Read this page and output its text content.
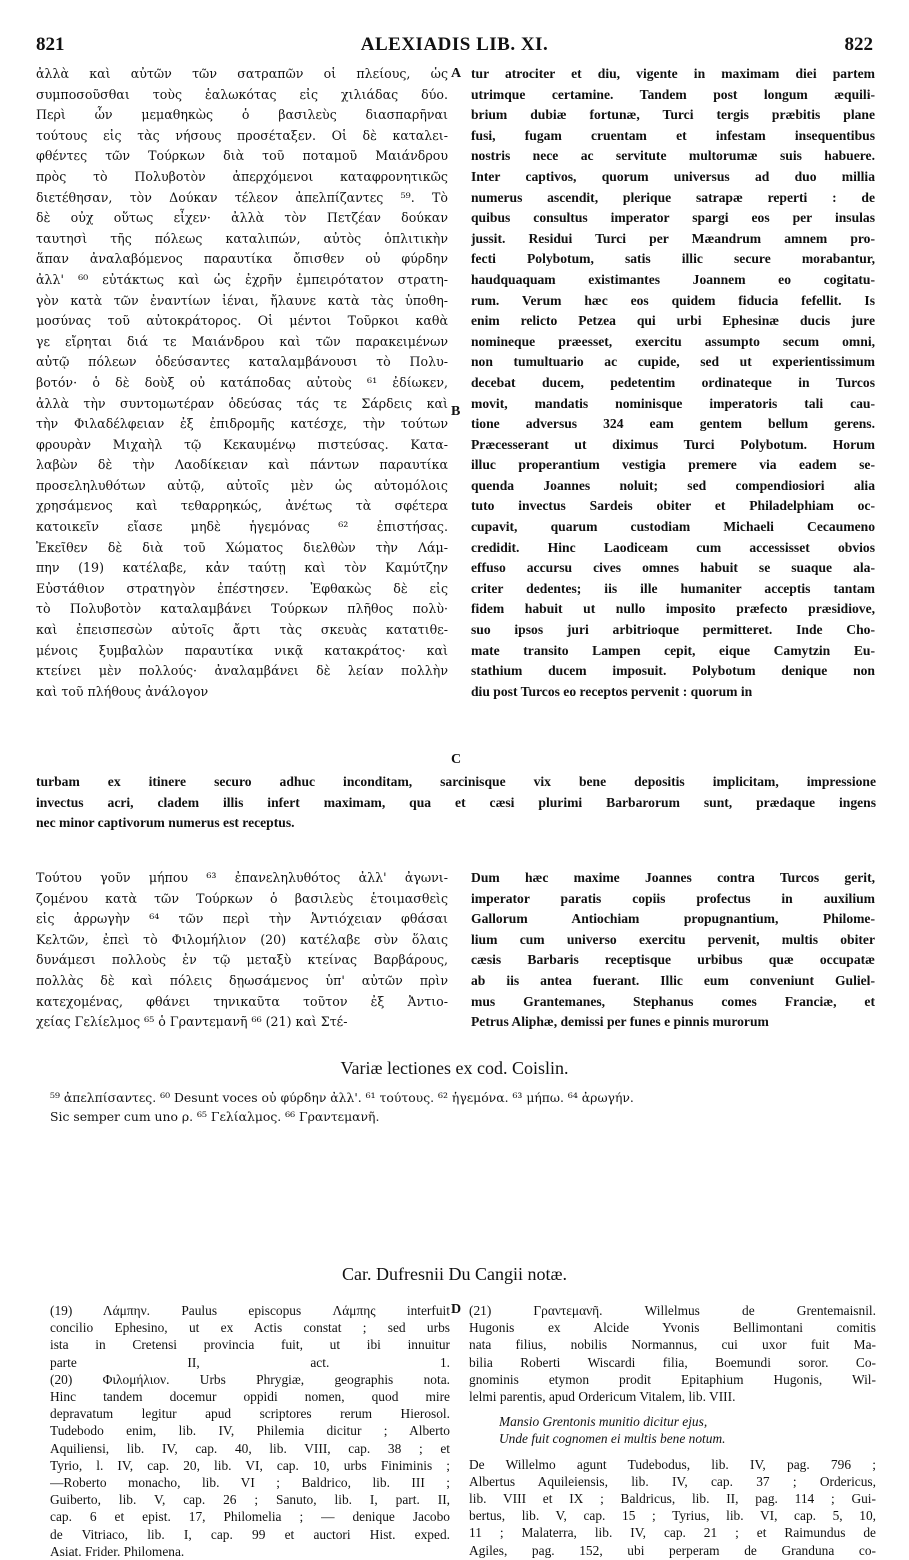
821	ALEXIADIS LIB. XI.	822
ἀλλὰ καὶ αὐτῶν τῶν σατραπῶν οἱ πλείους, ὡς
συμποσοῦσθαι τοὺς ἑαλωκότας εἰς χιλιάδας δύο.
Περὶ ὧν μεμαθηκὼς ὁ βασιλεὺς διασπαρῆναι
τούτους εἰς τὰς νήσους προσέταξεν. Οἱ δὲ καταλει-
φθέντες τῶν Τούρκων διὰ τοῦ ποταμοῦ Μαιάνδρου
πρὸς τὸ Πολυβοτὸν ἀπερχόμενοι καταφρονητικῶς
διετέθησαν, τὸν Δούκαν τέλεον ἀπελπίζαντες ⁵⁹. Τὸ
δὲ οὐχ οὕτως εἶχεν· ἀλλὰ τὸν Πετζέαν δούκαν
ταυτησὶ τῆς πόλεως καταλιπών, αὐτὸς ὁπλιτικὴν
ἅπαν ἀναλαβόμενος παραυτίκα ὄπισθεν οὐ φύρδην
ἀλλ' ⁶⁰ εὐτάκτως καὶ ὡς ἐχρῆν ἐμπειρότατον στρατη-
γὸν κατὰ τῶν ἐναντίων ἰέναι, ἤλαυνε κατὰ τὰς ὑποθη-
μοσύνας τοῦ αὐτοκράτορος. Οἱ μέντοι Τοῦρκοι καθὰ
γε εἴρηται διά τε Μαιάνδρου καὶ τῶν παρακειμένων
αὐτῷ πόλεων ὁδεύσαντες καταλαμβάνουσι τὸ Πολυ-
βοτόν· ὁ δὲ δοὺξ οὐ κατάποδας αὐτοὺς ⁶¹ ἐδίωκεν,
ἀλλὰ τὴν συντομωτέραν ὁδεύσας τάς τε Σάρδεις καὶ
τὴν Φιλαδέλφειαν ἐξ ἐπιδρομῆς κατέσχε, τὴν τούτων
φρουρὰν Μιχαὴλ τῷ Κεκαυμένῳ πιστεύσας. Κατα-
λαβὼν δὲ τὴν Λαοδίκειαν καὶ πάντων παραυτίκα
προσεληλυθότων αὐτῷ, αὐτοῖς μὲν ὡς αὐτομόλοις
χρησάμενος καὶ τεθαρρηκώς, ἀνέτως τὰ σφέτερα
κατοικεῖν εἴασε μηδὲ ἡγεμόνας ⁶² ἐπιστήσας.
Ἐκεῖθεν δὲ διὰ τοῦ Χώματος διελθὼν τὴν Λάμ-
πην (19) κατέλαβε, κἀν ταύτῃ καὶ τὸν Καμύτζην
Εὐστάθιον στρατηγὸν ἐπέστησεν. Ἐφθακὼς δὲ εἰς
τὸ Πολυβοτὸν καταλαμβάνει Τούρκων πλῆθος πολὺ·
καὶ ἐπεισπεσὼν αὐτοῖς ἄρτι τὰς σκευὰς κατατιθε-
μένοις ξυμβαλὼν παραυτίκα νικᾷ κατακράτος· καὶ
κτείνει μὲν πολλούς· ἀναλαμβάνει δὲ λείαν πολλὴν
καὶ τοῦ πλήθους ἀνάλογον
tur atrociter et diu, vigente in maximam diei partem
utrimque certamine. Tandem post longum æquili-
brium dubiæ fortunæ, Turci tergis præbitis plane
fusi, fugam cruentam et infestam insequentibus
nostris nece ac servitute multorumæ suis habuere.
Inter captivos, quorum universus ad duo millia
numerus ascendit, plerique satrapæ reperti : de
quibus consultus imperator spargi eos per insulas
jussit. Residui Turci per Mæandrum amnem pro-
fecti Polybotum, satis illic secure morabantur,
haudquaquam existimantes Joannem eo cogitatu-
rum. Verum hæc eos quidem fiducia fefellit. Is
enim relicto Petzea qui urbi Ephesinæ ducis jure
nomineque præesset, exercitu assumpto secum omni,
non tumultuario ac cupide, sed ut experientissimum
decebat ducem, pedetentim ordinateque in Turcos
movit, mandatis nominisque imperatoris tali cau-
tione adversus 324 eam gentem bellum gerens.
Præcesserant ut diximus Turci Polybotum. Horum
illuc properantium vestigia premere via eadem se-
quenda Joannes noluit; sed compendiosiori alia
tuto invectus Sardeis obiter et Philadelphiam oc-
cupavit, quarum custodiam Michaeli Cecaumeno
credidit. Hinc Laodiceam cum accessisset obvios
effuso accursu cives omnes habuit se suaque ala-
criter dedentes; iis ille humaniter acceptis tantam
fidem habuit ut nullo imposito præfecto præsidiove,
suo ipsos juri arbitrioque permitteret. Inde Cho-
mate transito Lampen cepit, eique Camytzin Eu-
stathium ducem imposuit. Polybotum denique non
diu post Turcos eo receptos pervenit : quorum in
A
B
C
D
turbam ex itinere securo adhuc inconditam, sarcinisque vix bene depositis implicitam, impressione
invectus acri, cladem illis infert maximam, qua et cæsi plurimi Barbarorum sunt, prædaque ingens
nec minor captivorum numerus est receptus.
Τούτου γοῦν μήπου ⁶³ ἐπανεληλυθότος ἀλλ' ἀγωνι-
ζομένου κατὰ τῶν Τούρκων ὁ βασιλεὺς ἑτοιμασθεὶς
εἰς ἀρρωγὴν ⁶⁴ τῶν περὶ τὴν Ἀντιόχειαν φθάσαι
Κελτῶν, ἐπεὶ τὸ Φιλομήλιον (20) κατέλαβε σὺν ὅλαις
δυνάμεσι πολλοὺς ἐν τῷ μεταξὺ κτείνας Βαρβάρους,
πολλὰς δὲ καὶ πόλεις δῃωσάμενος ὑπ' αὐτῶν πρὶν
κατεχομένας, φθάνει τηνικαῦτα τοῦτον ἐξ Ἀντιο-
χείας Γελίελμος ⁶⁵ ὁ Γραντεμανῆ ⁶⁶ (21) καὶ Στέ-
Dum hæc maxime Joannes contra Turcos gerit,
imperator paratis copiis profectus in auxilium
Gallorum Antiochiam propugnantium, Philome-
lium cum universo exercitu pervenit, multis obiter
cæsis Barbaris receptisque urbibus quæ occupatæ
ab iis antea fuerant. Illic eum conveniunt Guliel-
mus Grantemanes, Stephanus comes Franciæ, et
Petrus Aliphæ, demissi per funes e pinnis murorum
Variæ lectiones ex cod. Coislin.
⁵⁹ ἀπελπίσαντες. ⁶⁰ Desunt voces οὐ φύρδην ἀλλ'. ⁶¹ τούτους. ⁶² ἡγεμόνα. ⁶³ μήπω. ⁶⁴ ἀρωγήν.
Sic semper cum uno ρ. ⁶⁵ Γελίαλμος. ⁶⁶ Γραντεμανῆ.
Car. Dufresnii Du Cangii notæ.
(19) Λάμπην. Paulus episcopus Λάμπης interfuit
concilio Ephesino, ut ex Actis constat ; sed urbs
ista in Cretensi provincia fuit, ut ibi innuitur
parte II, act. 1.
(20) Φιλομήλιον. Urbs Phrygiæ, geographis nota.
Hinc tandem docemur oppidi nomen, quod mire
depravatum legitur apud scriptores rerum Hierosol.
Tudebodo enim, lib. IV, Philemia dicitur ; Alberto
Aquiliensi, lib. IV, cap. 40, lib. VIII, cap. 38 ; et
Tyrio, l. IV, cap. 20, lib. VI, cap. 10, urbs Finiminis ;
—Roberto monacho, lib. VI ; Baldrico, lib. III ;
Guiberto, lib. V, cap. 26 ; Sanuto, lib. I, part. II,
cap. 6 et epist. 17, Philomelia ; — denique Jacobo
de Vitriaco, lib. I, cap. 99 et auctori Hist. exped.
Asiat. Frider. Philomena.
(21) Γραντεμανῆ. Willelmus de Grentemaisnil.
Hugonis ex Alcide Yvonis Bellimontani comitis
nata filius, nobilis Normannus, cui uxor fuit Ma-
bilia Roberti Wiscardi filia, Boemundi soror. Co-
gnominis etymon prodit Epitaphium Hugonis, Wil-
lelmi parentis, apud Ordericum Vitalem, lib. VIII.
Mansio Grentonis munitio dicitur ejus,
Unde fuit cognomen ei multis bene notum.
De Willelmo agunt Tudebodus, lib. IV, pag. 796 ;
Albertus Aquileiensis, lib. IV, cap. 37 ; Ordericus,
lib. VIII et IX ; Baldricus, lib. II, pag. 114 ; Gui-
bertus, lib. V, cap. 15 ; Tyrius, lib. VI, cap. 5, 10,
11 ; Malaterra, lib. IV, cap. 21 ; et Raimundus de
Agiles, pag. 152, ubi perperam de Granduna co-
